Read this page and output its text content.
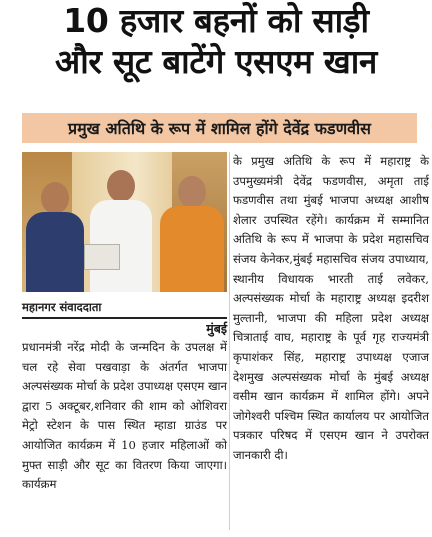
10 हजार बहनों को साड़ी
और सूट बाटेंगे एसएम खान
प्रमुख अतिथि के रूप में शामिल होंगे देवेंद्र फडणवीस
महानगर संवाददाता
मुंबई

प्रधानमंत्री नरेंद्र मोदी के जन्मदिन के उपलक्ष में चल रहे सेवा पखवाड़ा के अंतर्गत भाजपा अल्पसंख्यक मोर्चा के प्रदेश उपाध्यक्ष एसएम खान द्वारा 5 अक्टूबर,शनिवार की शाम को ओशिवरा मेट्रो स्टेशन के पास स्थित म्हाडा ग्राउंड पर आयोजित कार्यक्रम में 10 हजार महिलाओं को मुफ्त साड़ी और सूट का वितरण किया जाएगा। कार्यक्रम

के प्रमुख अतिथि के रूप में महाराष्ट्र के उपमुख्यमंत्री देवेंद्र फडणवीस, अमृता ताई फडणवीस तथा मुंबई भाजपा अध्यक्ष आशीष शेलार उपस्थित रहेंगे। कार्यक्रम में सम्मानित अतिथि के रूप में भाजपा के प्रदेश महासचिव संजय केनेकर,मुंबई महासचिव संजय उपाध्याय, स्थानीय विधायक भारती ताई लवेकर, अल्पसंख्यक मोर्चा के महाराष्ट्र अध्यक्ष इदरीश मुल्तानी, भाजपा की महिला प्रदेश अध्यक्ष चित्राताई वाघ, महाराष्ट्र के पूर्व गृह राज्यमंत्री कृपाशंकर सिंह, महाराष्ट्र उपाध्यक्ष एजाज देशमुख अल्पसंख्यक मोर्चा के मुंबई अध्यक्ष वसीम खान कार्यक्रम में शामिल होंगे। अपने जोगेश्वरी पश्चिम स्थित कार्यालय पर आयोजित पत्रकार परिषद में एसएम खान ने उपरोक्त जानकारी दी।
